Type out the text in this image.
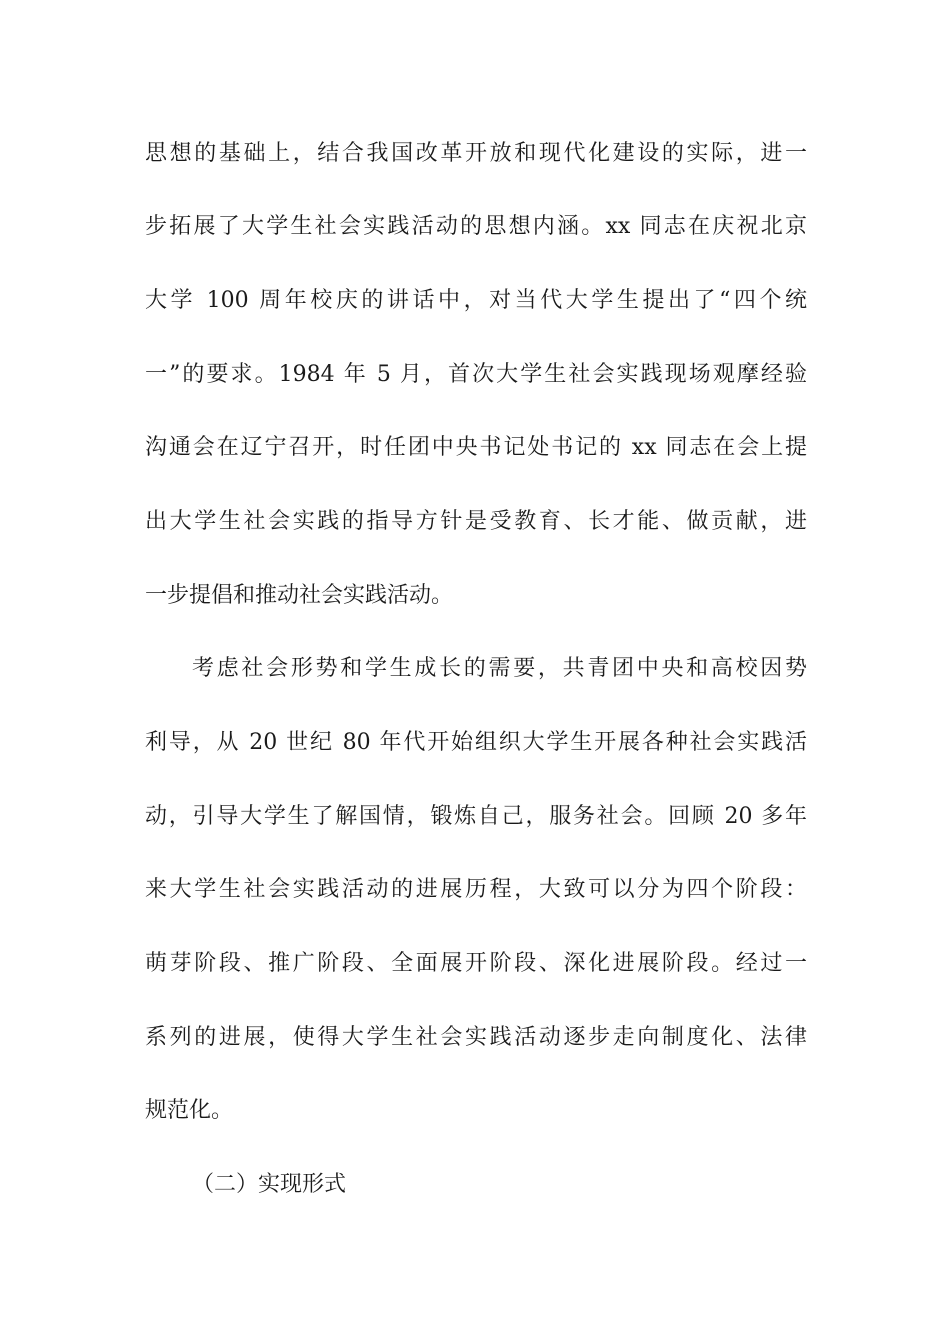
思想的基础上，结合我国改革开放和现代化建设的实际，进一
步拓展了大学生社会实践活动的思想内涵。xx 同志在庆祝北京
大学 100 周年校庆的讲话中，对当代大学生提出了“四个统
一”的要求。1984 年 5 月，首次大学生社会实践现场观摩经验
沟通会在辽宁召开，时任团中央书记处书记的 xx 同志在会上提
出大学生社会实践的指导方针是受教育、长才能、做贡献，进
一步提倡和推动社会实践活动。
考虑社会形势和学生成长的需要，共青团中央和高校因势
利导，从 20 世纪 80 年代开始组织大学生开展各种社会实践活
动，引导大学生了解国情，锻炼自己，服务社会。回顾 20 多年
来大学生社会实践活动的进展历程，大致可以分为四个阶段：
萌芽阶段、推广阶段、全面展开阶段、深化进展阶段。经过一
系列的进展，使得大学生社会实践活动逐步走向制度化、法律
规范化。
（二）实现形式
